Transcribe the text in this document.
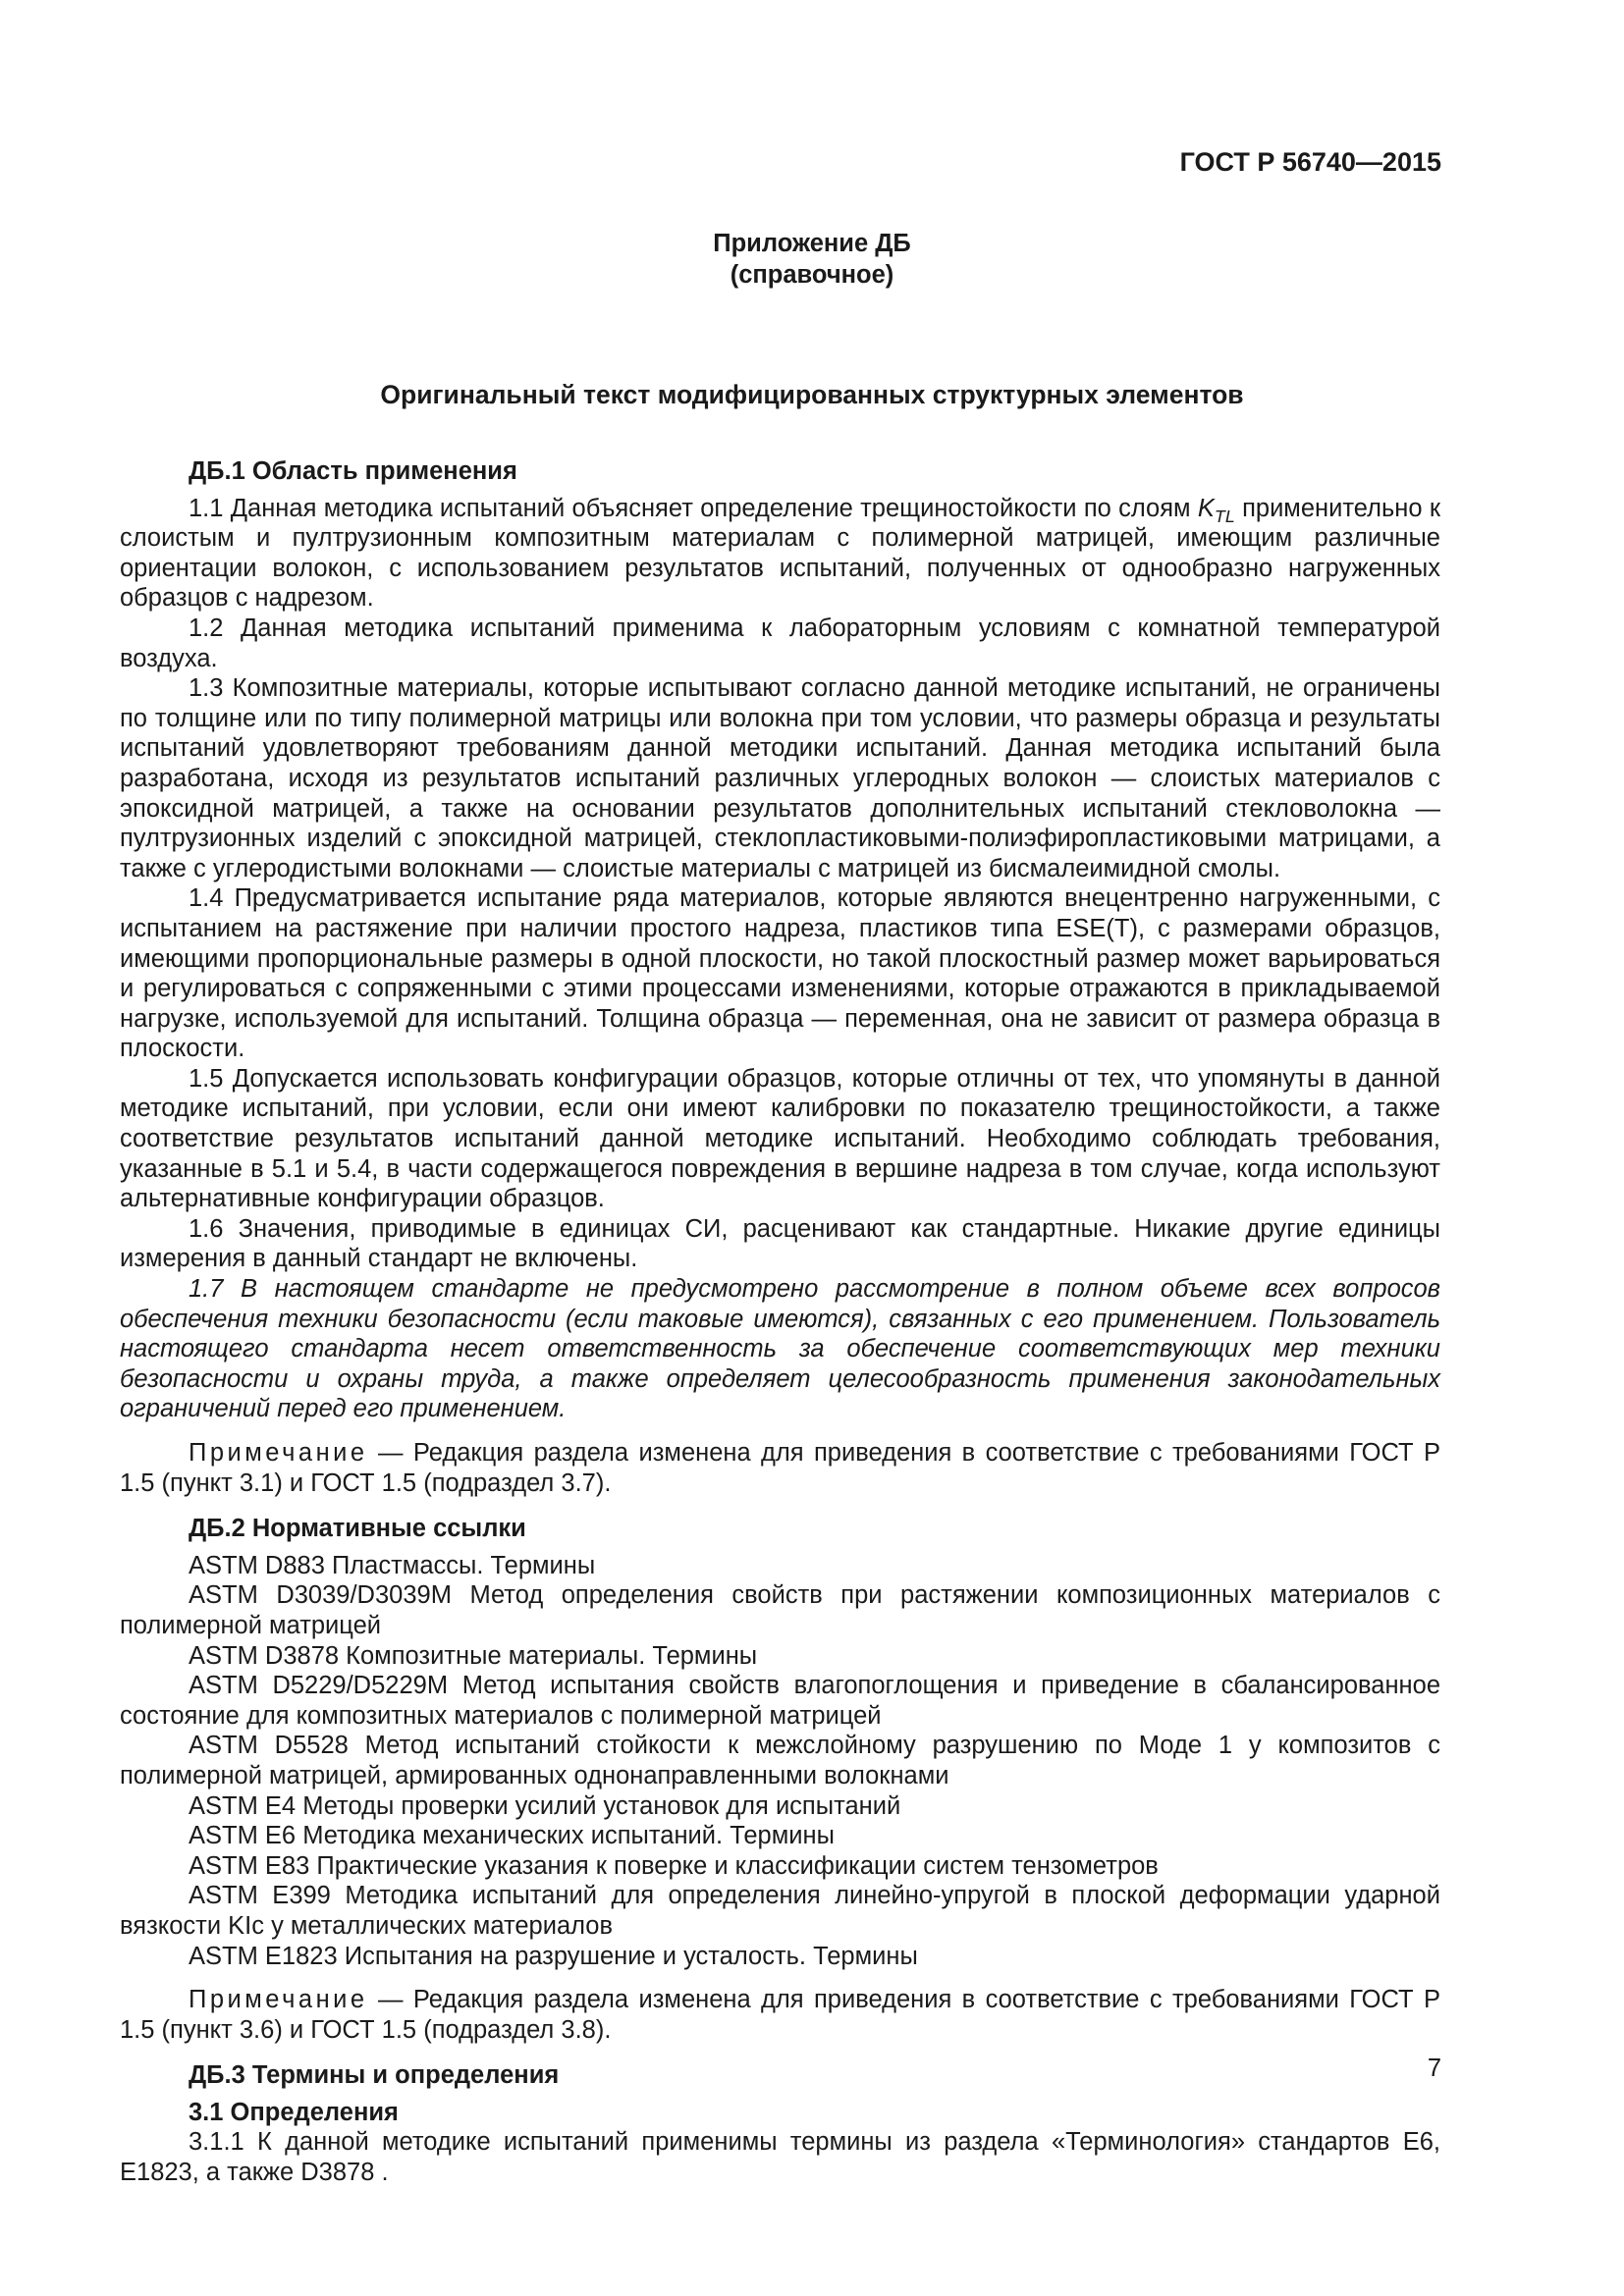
ГОСТ Р 56740—2015
Приложение ДБ
(справочное)
Оригинальный текст модифицированных структурных элементов

ДБ.1 Область применения

1.1 Данная методика испытаний объясняет определение трещиностойкости по слоям $K_{TL}$ применительно к слоистым и пултрузионным композитным материалам с полимерной матрицей, имеющим различные ориентации волокон, с использованием результатов испытаний, полученных от однообразно нагруженных образцов с надрезом.

1.2 Данная методика испытаний применима к лабораторным условиям с комнатной температурой воздуха.

1.3 Композитные материалы, которые испытывают согласно данной методике испытаний, не ограничены по толщине или по типу полимерной матрицы или волокна при том условии, что размеры образца и результаты испытаний удовлетворяют требованиям данной методики испытаний. Данная методика испытаний была разработана, исходя из результатов испытаний различных углеродных волокон — слоистых материалов с эпоксидной матрицей, а также на основании результатов дополнительных испытаний стекловолокна — пултрузионных изделий с эпоксидной матрицей, стеклопластиковыми-полиэфиропластиковыми матрицами, а также с углеродистыми волокнами — слоистые материалы с матрицей из бисмалеимидной смолы.

1.4 Предусматривается испытание ряда материалов, которые являются внецентренно нагруженными, с испытанием на растяжение при наличии простого надреза, пластиков типа ESE(T), с размерами образцов, имеющими пропорциональные размеры в одной плоскости, но такой плоскостный размер может варьироваться и регулироваться с сопряженными с этими процессами изменениями, которые отражаются в прикладываемой нагрузке, используемой для испытаний. Толщина образца — переменная, она не зависит от размера образца в плоскости.

1.5 Допускается использовать конфигурации образцов, которые отличны от тех, что упомянуты в данной методике испытаний, при условии, если они имеют калибровки по показателю трещиностойкости, а также соответствие результатов испытаний данной методике испытаний. Необходимо соблюдать требования, указанные в 5.1 и 5.4, в части содержащегося повреждения в вершине надреза в том случае, когда используют альтернативные конфигурации образцов.

1.6 Значения, приводимые в единицах СИ, расценивают как стандартные. Никакие другие единицы измерения в данный стандарт не включены.

1.7 В настоящем стандарте не предусмотрено рассмотрение в полном объеме всех вопросов обеспечения техники безопасности (если таковые имеются), связанных с его применением. Пользователь настоящего стандарта несет ответственность за обеспечение соответствующих мер техники безопасности и охраны труда, а также определяет целесообразность применения законодательных ограничений перед его применением.

Примечание — Редакция раздела изменена для приведения в соответствие с требованиями ГОСТ Р 1.5 (пункт 3.1) и ГОСТ 1.5 (подраздел 3.7).

ДБ.2 Нормативные ссылки

ASTM D883 Пластмассы. Термины

ASTM D3039/D3039M Метод определения свойств при растяжении композиционных материалов с полимерной матрицей

ASTM D3878 Композитные материалы. Термины

ASTM D5229/D5229M Метод испытания свойств влагопоглощения и приведение в сбалансированное состояние для композитных материалов с полимерной матрицей

ASTM D5528 Метод испытаний стойкости к межслойному разрушению по Моде 1 у композитов с полимерной матрицей, армированных однонаправленными волокнами

ASTM E4 Методы проверки усилий установок для испытаний

ASTM E6 Методика механических испытаний. Термины

ASTM E83 Практические указания к поверке и классификации систем тензометров

ASTM E399 Методика испытаний для определения линейно-упругой в плоской деформации ударной вязкости KIc у металлических материалов

ASTM E1823 Испытания на разрушение и усталость. Термины

Примечание — Редакция раздела изменена для приведения в соответствие с требованиями ГОСТ Р 1.5 (пункт 3.6) и ГОСТ 1.5 (подраздел 3.8).

ДБ.3 Термины и определения

3.1 Определения

3.1.1 К данной методике испытаний применимы термины из раздела «Терминология» стандартов E6, E1823, а также D3878 .

7
